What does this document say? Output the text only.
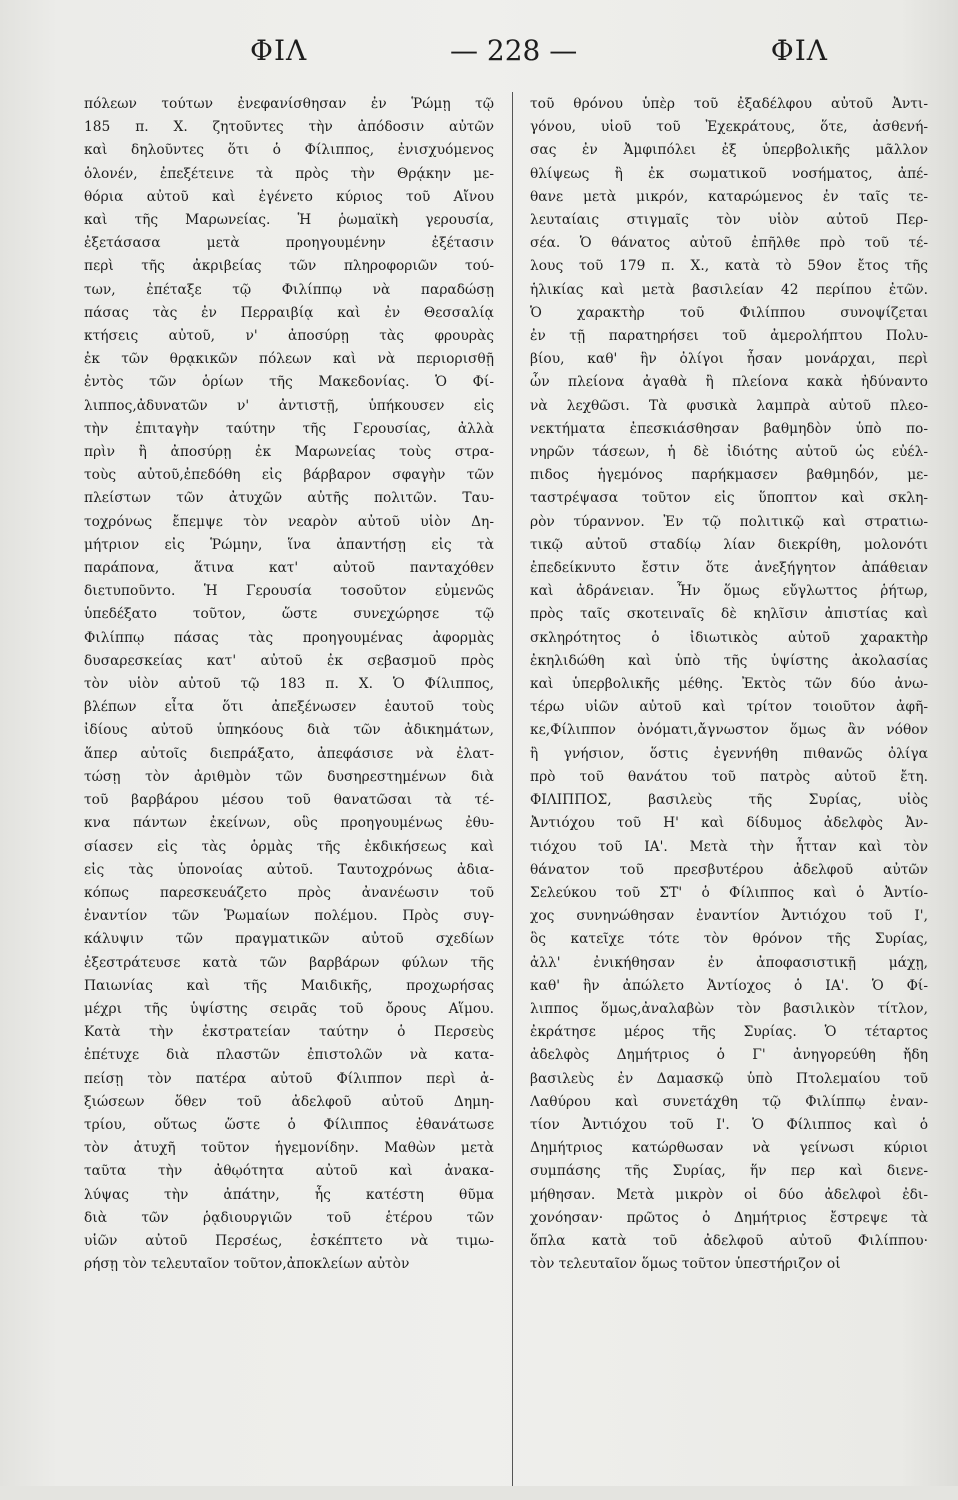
ΦΙΛ	— 228 —	ΦΙΛ

πόλεων τούτων ἐνεφανίσθησαν ἐν Ῥώμῃ τῷ

185 π. Χ. ζητοῦντες τὴν ἀπόδοσιν αὐτῶν

καὶ δηλοῦντες ὅτι ὁ Φίλιππος, ἐνισχυόμενος

ὁλονέν, ἐπεξέτεινε τὰ πρὸς τὴν Θρᾴκην με-

θόρια αὐτοῦ καὶ ἐγένετο κύριος τοῦ Αἴνου

καὶ τῆς Μαρωνείας. Ἡ ῥωμαϊκὴ γερουσία,

ἐξετάσασα μετὰ προηγουμένην ἐξέτασιν

περὶ τῆς ἀκριβείας τῶν πληροφοριῶν τού-

των, ἐπέταξε τῷ Φιλίππῳ νὰ παραδώσῃ

πάσας τὰς ἐν Περραιβίᾳ καὶ ἐν Θεσσαλίᾳ

κτήσεις αὐτοῦ, ν' ἀποσύρῃ τὰς φρουρὰς

ἐκ τῶν θρᾳκικῶν πόλεων καὶ νὰ περιορισθῇ

ἐντὸς τῶν ὁρίων τῆς Μακεδονίας. Ὁ Φί-

λιππος,ἀδυνατῶν ν' ἀντιστῇ, ὑπήκουσεν εἰς

τὴν ἐπιταγὴν ταύτην τῆς Γερουσίας, ἀλλὰ

πρὶν ἢ ἀποσύρῃ ἐκ Μαρωνείας τοὺς στρα-

τοὺς αὐτοῦ,ἐπεδόθη εἰς βάρβαρον σφαγὴν τῶν

πλείστων τῶν ἀτυχῶν αὐτῆς πολιτῶν. Ταυ-

τοχρόνως ἔπεμψε τὸν νεαρὸν αὐτοῦ υἱὸν Δη-

μήτριον εἰς Ῥώμην, ἵνα ἀπαντήσῃ εἰς τὰ

παράπονα, ἅτινα κατ' αὐτοῦ πανταχόθεν

διετυποῦντο. Ἡ Γερουσία τοσοῦτον εὐμενῶς

ὑπεδέξατο τοῦτον, ὥστε συνεχώρησε τῷ

Φιλίππῳ πάσας τὰς προηγουμένας ἀφορμὰς

δυσαρεσκείας κατ' αὐτοῦ ἐκ σεβασμοῦ πρὸς

τὸν υἱὸν αὐτοῦ τῷ 183 π. Χ. Ὁ Φίλιππος,

βλέπων εἶτα ὅτι ἀπεξένωσεν ἑαυτοῦ τοὺς

ἰδίους αὐτοῦ ὑπηκόους διὰ τῶν ἀδικημάτων,

ἅπερ αὐτοῖς διεπράξατο, ἀπεφάσισε νὰ ἐλατ-

τώσῃ τὸν ἀριθμὸν τῶν δυσηρεστημένων διὰ

τοῦ βαρβάρου μέσου τοῦ θανατῶσαι τὰ τέ-

κνα πάντων ἐκείνων, οὓς προηγουμένως ἐθυ-

σίασεν εἰς τὰς ὁρμὰς τῆς ἐκδικήσεως καὶ

εἰς τὰς ὑπονοίας αὐτοῦ. Ταυτοχρόνως ἀδια-

κόπως παρεσκευάζετο πρὸς ἀνανέωσιν τοῦ

ἐναντίον τῶν Ῥωμαίων πολέμου. Πρὸς συγ-

κάλυψιν τῶν πραγματικῶν αὐτοῦ σχεδίων

ἐξεστράτευσε κατὰ τῶν βαρβάρων φύλων τῆς

Παιωνίας καὶ τῆς Μαιδικῆς, προχωρήσας

μέχρι τῆς ὑψίστης σειρᾶς τοῦ ὄρους Αἵμου.

Κατὰ τὴν ἐκστρατείαν ταύτην ὁ Περσεὺς

ἐπέτυχε διὰ πλαστῶν ἐπιστολῶν νὰ κατα-

πείσῃ τὸν πατέρα αὐτοῦ Φίλιππον περὶ ἀ-

ξιώσεων ὅθεν τοῦ ἀδελφοῦ αὐτοῦ Δημη-

τρίου, οὕτως ὥστε ὁ Φίλιππος ἐθανάτωσε

τὸν ἀτυχῆ τοῦτον ἡγεμονίδην. Μαθὼν μετὰ

ταῦτα τὴν ἀθῳότητα αὐτοῦ καὶ ἀνακα-

λύψας τὴν ἀπάτην, ἧς κατέστη θῦμα

διὰ τῶν ῥᾳδιουργιῶν τοῦ ἑτέρου τῶν

υἱῶν αὐτοῦ Περσέως, ἐσκέπτετο νὰ τιμω-

ρήσῃ τὸν τελευταῖον τοῦτον,ἀποκλείων αὐτὸν

τοῦ θρόνου ὑπὲρ τοῦ ἐξαδέλφου αὐτοῦ Ἀντι-

γόνου, υἱοῦ τοῦ Ἐχεκράτους, ὅτε, ἀσθενή-

σας ἐν Ἀμφιπόλει ἐξ ὑπερβολικῆς μᾶλλον

θλίψεως ἢ ἐκ σωματικοῦ νοσήματος, ἀπέ-

θανε μετὰ μικρόν, καταρώμενος ἐν ταῖς τε-

λευταίαις στιγμαῖς τὸν υἱὸν αὐτοῦ Περ-

σέα. Ὁ θάνατος αὐτοῦ ἐπῆλθε πρὸ τοῦ τέ-

λους τοῦ 179 π. Χ., κατὰ τὸ 59ον ἔτος τῆς

ἡλικίας καὶ μετὰ βασιλείαν 42 περίπου ἐτῶν.

Ὁ χαρακτὴρ τοῦ Φιλίππου συνοψίζεται

ἐν τῇ παρατηρήσει τοῦ ἀμερολήπτου Πολυ-

βίου, καθ' ἣν ὀλίγοι ἦσαν μονάρχαι, περὶ

ὧν πλείονα ἀγαθὰ ἢ πλείονα κακὰ ἠδύναντο

νὰ λεχθῶσι. Τὰ φυσικὰ λαμπρὰ αὐτοῦ πλεο-

νεκτήματα ἐπεσκιάσθησαν βαθμηδὸν ὑπὸ πο-

νηρῶν τάσεων, ἡ δὲ ἰδιότης αὐτοῦ ὡς εὐέλ-

πιδος ἡγεμόνος παρήκμασεν βαθμηδόν, με-

ταστρέψασα τοῦτον εἰς ὕποπτον καὶ σκλη-

ρὸν τύραννον. Ἐν τῷ πολιτικῷ καὶ στρατιω-

τικῷ αὐτοῦ σταδίῳ λίαν διεκρίθη, μολονότι

ἐπεδείκνυτο ἔστιν ὅτε ἀνεξήγητον ἀπάθειαν

καὶ ἀδράνειαν. Ἦν ὅμως εὔγλωττος ῥήτωρ,

πρὸς ταῖς σκοτειναῖς δὲ κηλῖσιν ἀπιστίας καὶ

σκληρότητος ὁ ἰδιωτικὸς αὐτοῦ χαρακτὴρ

ἐκηλιδώθη καὶ ὑπὸ τῆς ὑψίστης ἀκολασίας

καὶ ὑπερβολικῆς μέθης. Ἐκτὸς τῶν δύο ἀνω-

τέρω υἱῶν αὐτοῦ καὶ τρίτον τοιοῦτον ἀφῆ-

κε,Φίλιππον ὀνόματι,ἄγνωστον ὅμως ἂν νόθον

ἢ γνήσιον, ὅστις ἐγεννήθη πιθανῶς ὀλίγα

πρὸ τοῦ θανάτου τοῦ πατρὸς αὐτοῦ ἔτη.

ΦΙΛΙΠΠΟΣ, βασιλεὺς τῆς Συρίας, υἱὸς

Ἀντιόχου τοῦ Η' καὶ δίδυμος ἀδελφὸς Ἀν-

τιόχου τοῦ ΙΑ'. Μετὰ τὴν ἧτταν καὶ τὸν

θάνατον τοῦ πρεσβυτέρου ἀδελφοῦ αὐτῶν

Σελεύκου τοῦ ΣΤ' ὁ Φίλιππος καὶ ὁ Ἀντίο-

χος συνηνώθησαν ἐναντίον Ἀντιόχου τοῦ Ι',

ὃς κατεῖχε τότε τὸν θρόνον τῆς Συρίας,

ἀλλ' ἐνικήθησαν ἐν ἀποφασιστικῇ μάχῃ,

καθ' ἣν ἀπώλετο Ἀντίοχος ὁ ΙΑ'. Ὁ Φί-

λιππος ὅμως,ἀναλαβὼν τὸν βασιλικὸν τίτλον,

ἐκράτησε μέρος τῆς Συρίας. Ὁ τέταρτος

ἀδελφὸς Δημήτριος ὁ Γ' ἀνηγορεύθη ἤδη

βασιλεὺς ἐν Δαμασκῷ ὑπὸ Πτολεμαίου τοῦ

Λαθύρου καὶ συνετάχθη τῷ Φιλίππῳ ἐναν-

τίον Ἀντιόχου τοῦ Ι'. Ὁ Φίλιππος καὶ ὁ

Δημήτριος κατώρθωσαν νὰ γείνωσι κύριοι

συμπάσης τῆς Συρίας, ἥν περ καὶ διενε-

μήθησαν. Μετὰ μικρὸν οἱ δύο ἀδελφοὶ ἐδι-

χονόησαν· πρῶτος ὁ Δημήτριος ἔστρεψε τὰ

ὅπλα κατὰ τοῦ ἀδελφοῦ αὐτοῦ Φιλίππου·

τὸν τελευταῖον ὅμως τοῦτον ὑπεστήριζον οἱ
